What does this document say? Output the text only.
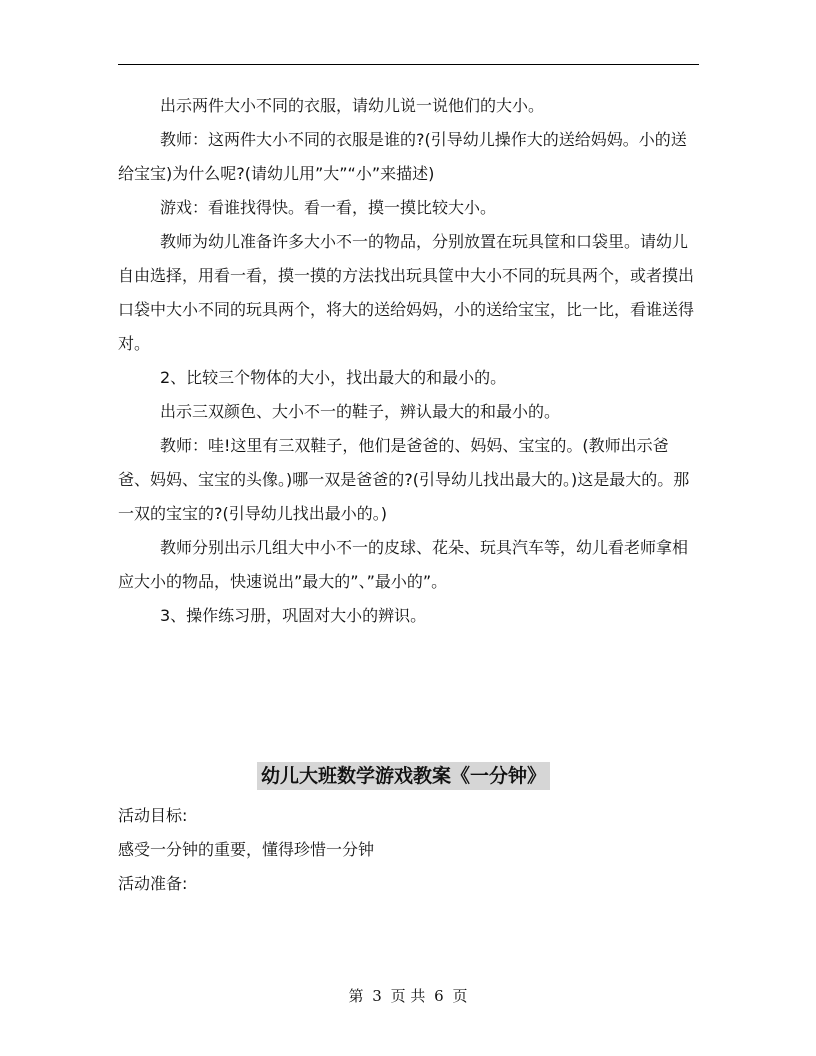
出示两件大小不同的衣服，请幼儿说一说他们的大小。

教师：这两件大小不同的衣服是谁的?(引导幼儿操作大的送给妈妈。小的送给宝宝)为什么呢?(请幼儿用”大”“小”来描述)

游戏：看谁找得快。看一看，摸一摸比较大小。

教师为幼儿准备许多大小不一的物品，分别放置在玩具筐和口袋里。请幼儿自由选择，用看一看，摸一摸的方法找出玩具筐中大小不同的玩具两个，或者摸出口袋中大小不同的玩具两个，将大的送给妈妈，小的送给宝宝，比一比，看谁送得对。

2、比较三个物体的大小，找出最大的和最小的。

出示三双颜色、大小不一的鞋子，辨认最大的和最小的。

教师：哇!这里有三双鞋子，他们是爸爸的、妈妈、宝宝的。(教师出示爸爸、妈妈、宝宝的头像。)哪一双是爸爸的?(引导幼儿找出最大的。)这是最大的。那一双的宝宝的?(引导幼儿找出最小的。)

教师分别出示几组大中小不一的皮球、花朵、玩具汽车等，幼儿看老师拿相应大小的物品，快速说出”最大的”、”最小的”。

3、操作练习册，巩固对大小的辨识。

幼儿大班数学游戏教案《一分钟》

活动目标:

感受一分钟的重要，懂得珍惜一分钟

活动准备:

第 3 页 共 6 页
